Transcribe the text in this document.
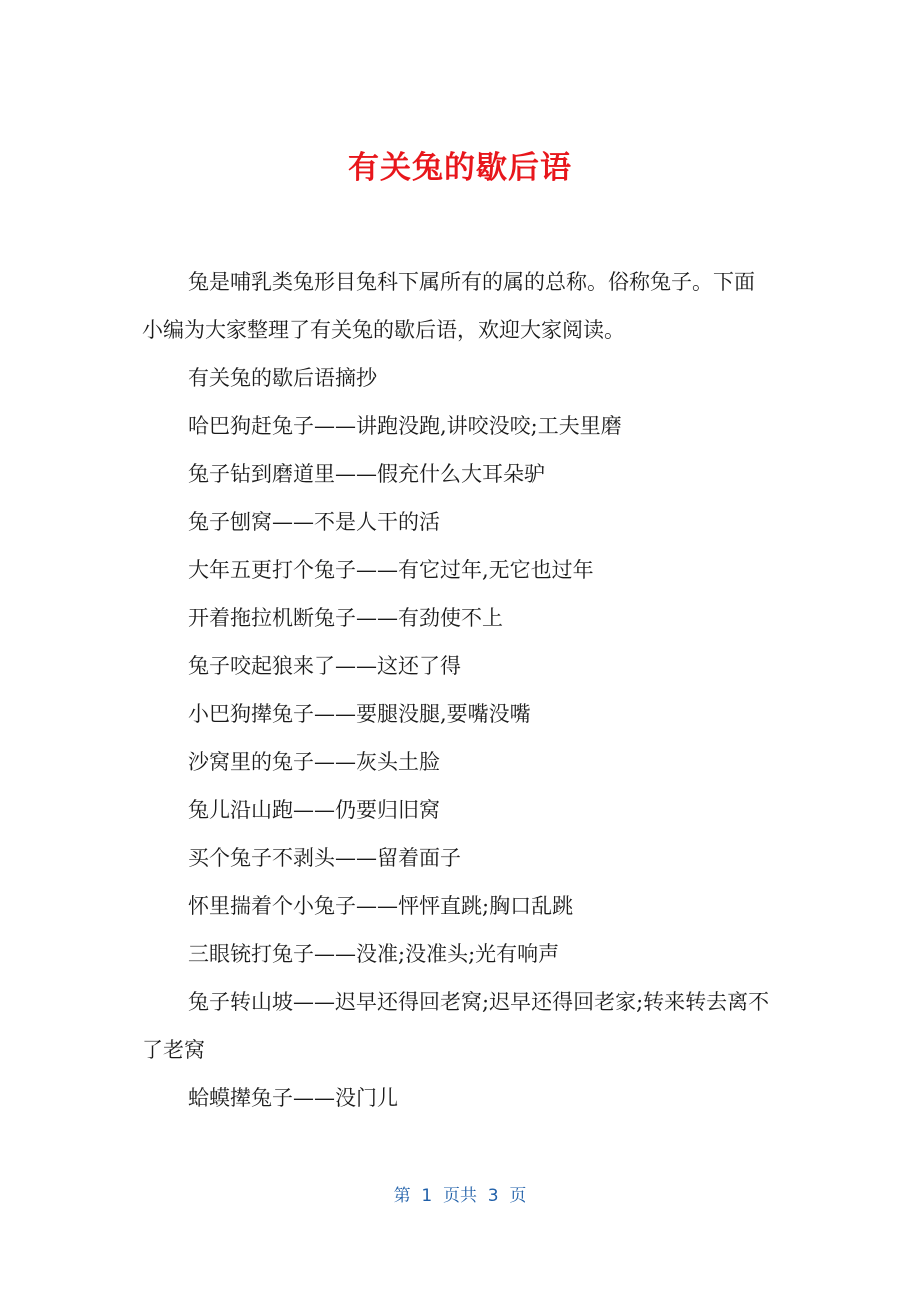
有关兔的歇后语

兔是哺乳类兔形目兔科下属所有的属的总称。俗称兔子。下面小编为大家整理了有关兔的歇后语，欢迎大家阅读。

有关兔的歇后语摘抄

哈巴狗赶兔子——讲跑没跑,讲咬没咬;工夫里磨

兔子钻到磨道里——假充什么大耳朵驴

兔子刨窝——不是人干的活

大年五更打个兔子——有它过年,无它也过年

开着拖拉机断兔子——有劲使不上

兔子咬起狼来了——这还了得

小巴狗撵兔子——要腿没腿,要嘴没嘴

沙窝里的兔子——灰头土脸

兔儿沿山跑——仍要归旧窝

买个兔子不剥头——留着面子

怀里揣着个小兔子——怦怦直跳;胸口乱跳

三眼铳打兔子——没准;没准头;光有响声

兔子转山坡——迟早还得回老窝;迟早还得回老家;转来转去离不了老窝

蛤蟆撵兔子——没门儿

第  1  页共  3  页
